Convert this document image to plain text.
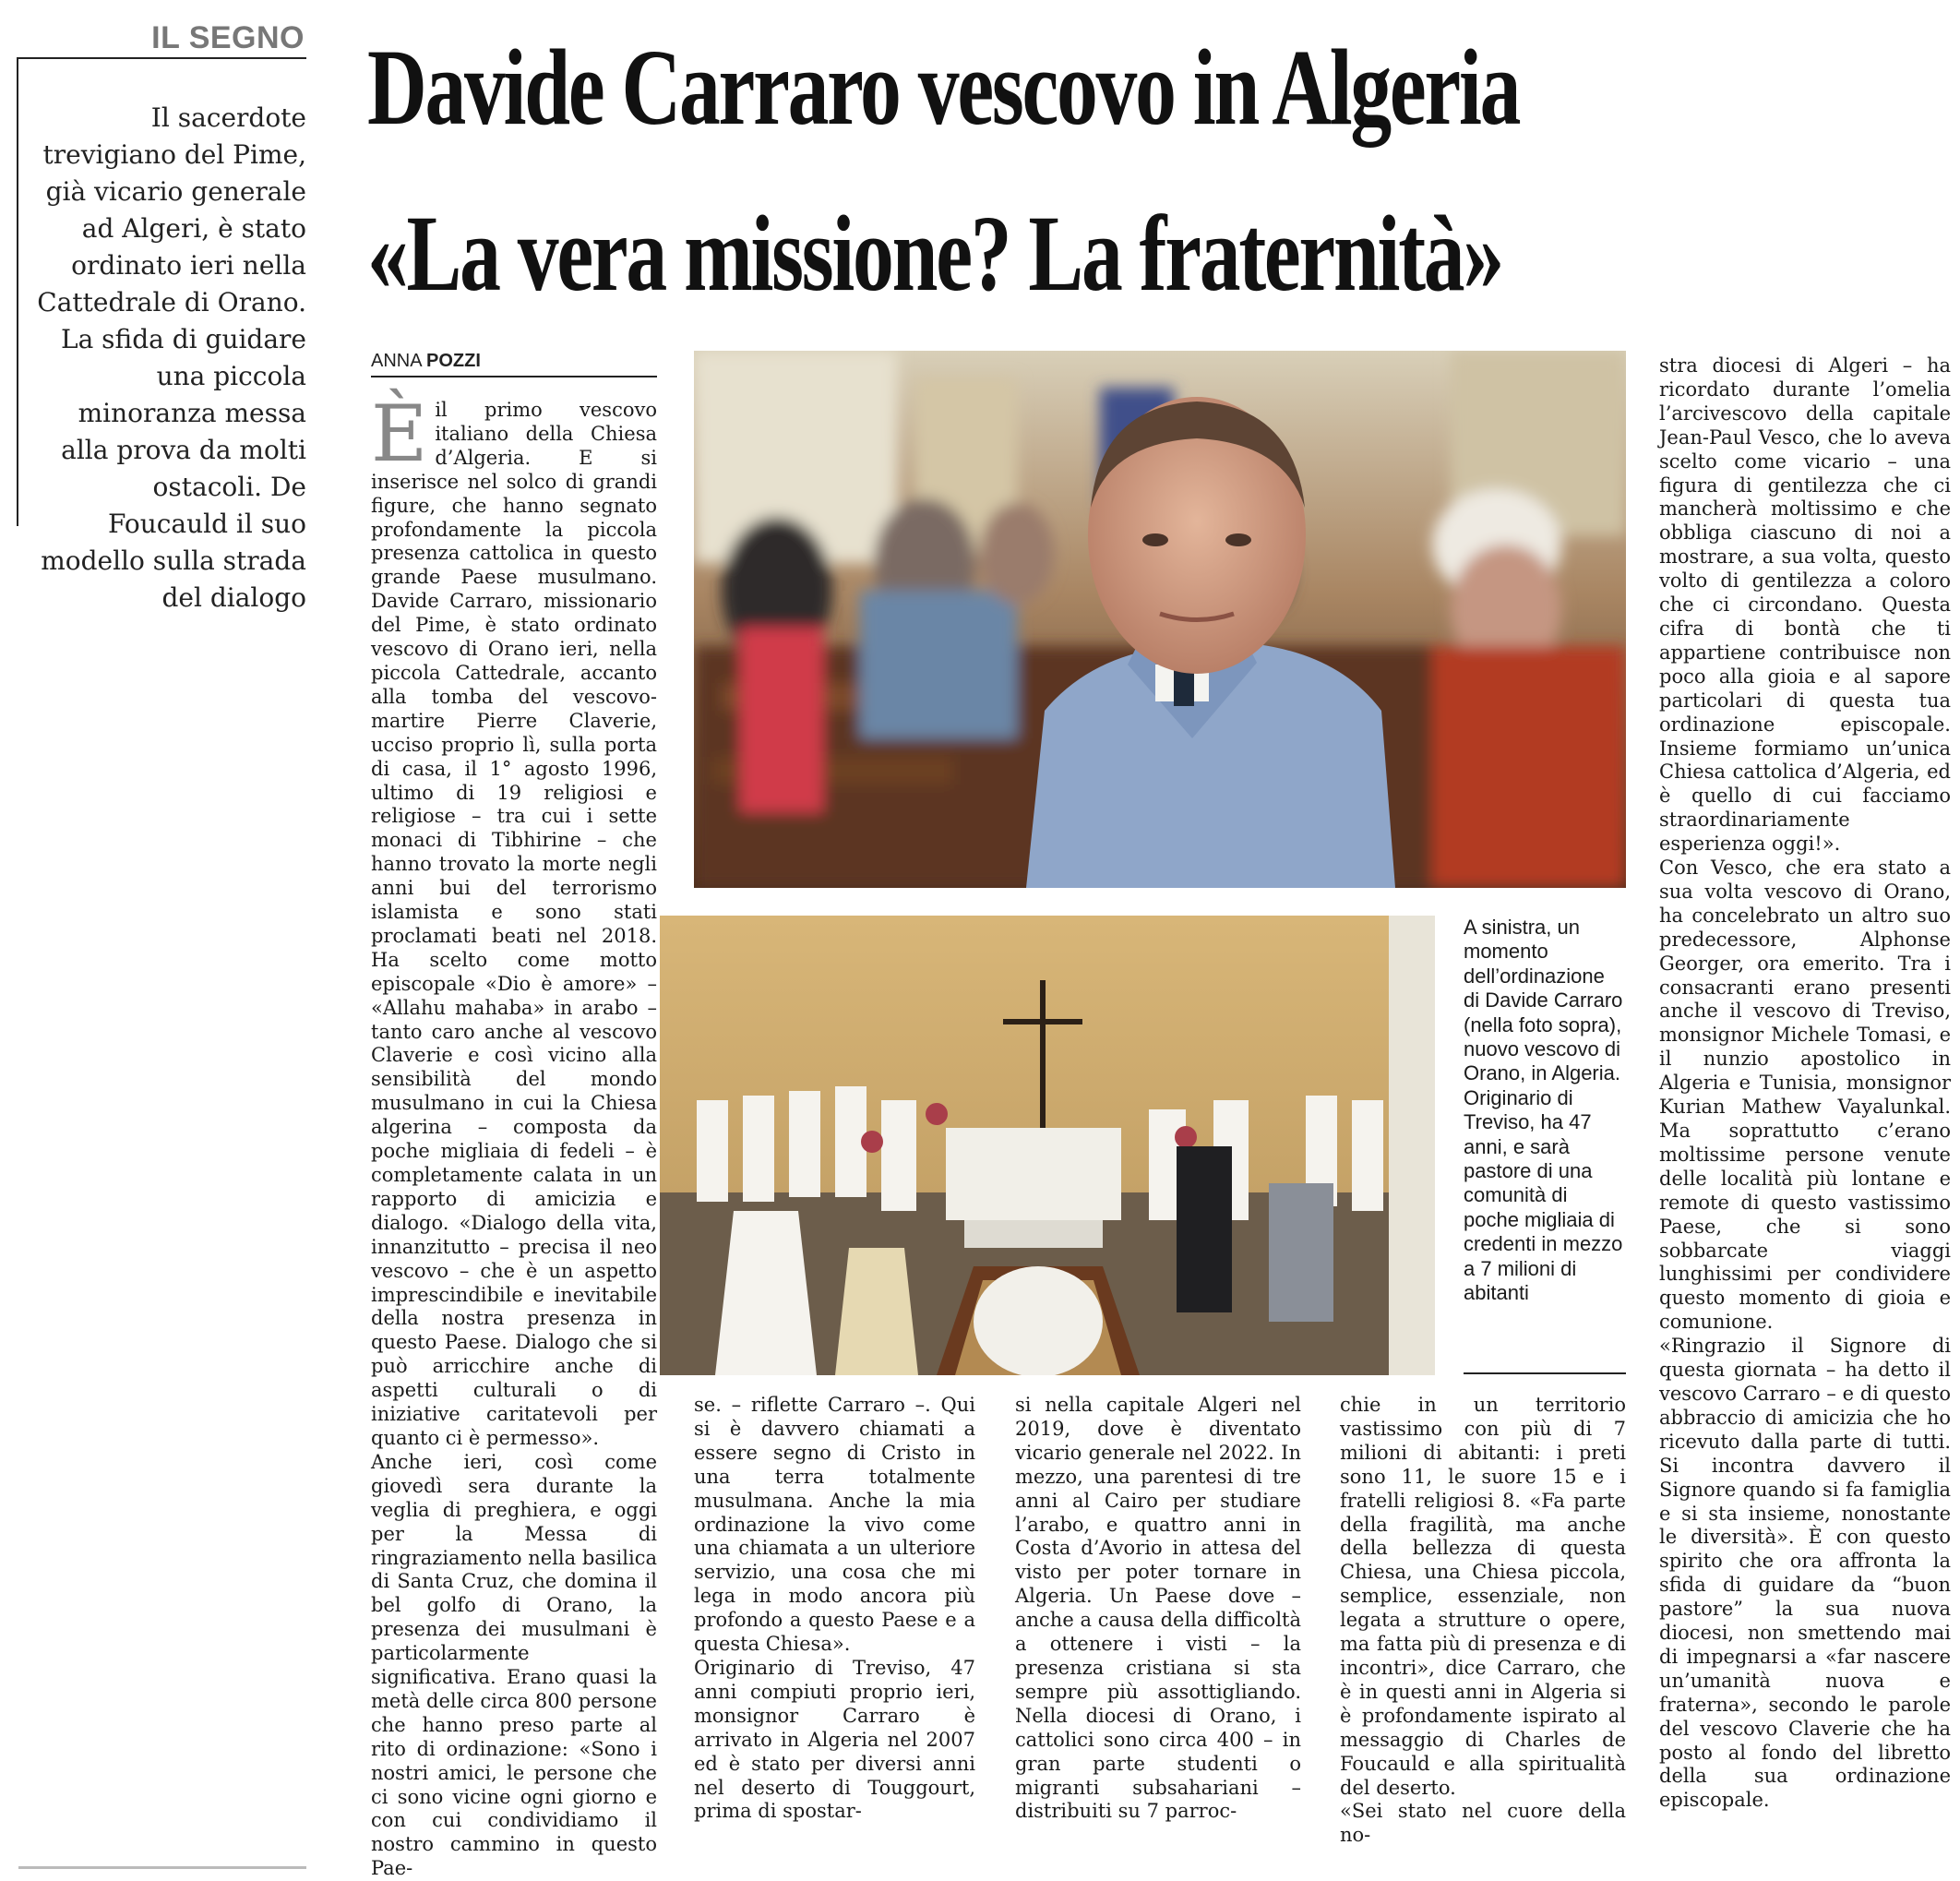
IL SEGNO
Il sacerdote trevigiano del Pime, già vicario generale ad Algeri, è stato ordinato ieri nella Cattedrale di Orano. La sfida di guidare una piccola minoranza messa alla prova da molti ostacoli. De Foucauld il suo modello sulla strada del dialogo
Davide Carraro vescovo in Algeria
«La vera missione? La fraternità»
ANNA POZZI
È il primo vescovo italiano della Chiesa d’Algeria. E si inserisce nel solco di grandi figure, che hanno segnato profondamente la piccola presenza cattolica in questo grande Paese musulmano. Davide Carraro, missionario del Pime, è stato ordinato vescovo di Orano ieri, nella piccola Cattedrale, accanto alla tomba del vescovo-martire Pierre Claverie, ucciso proprio lì, sulla porta di casa, il 1° agosto 1996, ultimo di 19 religiosi e religiose – tra cui i sette monaci di Tibhirine – che hanno trovato la morte negli anni bui del terrorismo islamista e sono stati proclamati beati nel 2018. Ha scelto come motto episcopale «Dio è amore» – «Allahu mahaba» in arabo – tanto caro anche al vescovo Claverie e così vicino alla sensibilità del mondo musulmano in cui la Chiesa algerina – composta da poche migliaia di fedeli – è completamente calata in un rapporto di amicizia e dialogo. «Dialogo della vita, innanzitutto – precisa il neo vescovo – che è un aspetto imprescindibile e inevitabile della nostra presenza in questo Paese. Dialogo che si può arricchire anche di aspetti culturali o di iniziative caritatevoli per quanto ci è permesso».

Anche ieri, così come giovedì sera durante la veglia di preghiera, e oggi per la Messa di ringraziamento nella basilica di Santa Cruz, che domina il bel golfo di Orano, la presenza dei musulmani è particolarmente significativa. Erano quasi la metà delle circa 800 persone che hanno preso parte al rito di ordinazione: «Sono i nostri amici, le persone che ci sono vicine ogni giorno e con cui condividiamo il nostro cammino in questo Pae-

se. – riflette Carraro –. Qui si è davvero chiamati a essere segno di Cristo in una terra totalmente musulmana. Anche la mia ordinazione la vivo come una chiamata a un ulteriore servizio, una cosa che mi lega in modo ancora più profondo a questo Paese e a questa Chiesa».

Originario di Treviso, 47 anni compiuti proprio ieri, monsignor Carraro è arrivato in Algeria nel 2007 ed è stato per diversi anni nel deserto di Touggourt, prima di spostar-

si nella capitale Algeri nel 2019, dove è diventato vicario generale nel 2022. In mezzo, una parentesi di tre anni al Cairo per studiare l’arabo, e quattro anni in Costa d’Avorio in attesa del visto per poter tornare in Algeria. Un Paese dove – anche a causa della difficoltà a ottenere i visti – la presenza cristiana si sta sempre più assottigliando. Nella diocesi di Orano, i cattolici sono circa 400 – in gran parte studenti o migranti subsahariani – distribuiti su 7 parroc-

chie in un territorio vastissimo con più di 7 milioni di abitanti: i preti sono 11, le suore 15 e i fratelli religiosi 8. «Fa parte della fragilità, ma anche della bellezza di questa Chiesa, una Chiesa piccola, semplice, essenziale, non legata a strutture o opere, ma fatta più di presenza e di incontri», dice Carraro, che è in questi anni in Algeria si è profondamente ispirato al messaggio di Charles de Foucauld e alla spiritualità del deserto.

«Sei stato nel cuore della no-

stra diocesi di Algeri – ha ricordato durante l’omelia l’arcivescovo della capitale Jean-Paul Vesco, che lo aveva scelto come vicario – una figura di gentilezza che ci mancherà moltissimo e che obbliga ciascuno di noi a mostrare, a sua volta, questo volto di gentilezza a coloro che ci circondano. Questa cifra di bontà che ti appartiene contribuisce non poco alla gioia e al sapore particolari di questa tua ordinazione episcopale. Insieme formiamo un’unica Chiesa cattolica d’Algeria, ed è quello di cui facciamo straordinariamente esperienza oggi!».

Con Vesco, che era stato a sua volta vescovo di Orano, ha concelebrato un altro suo predecessore, Alphonse Georger, ora emerito. Tra i consacranti erano presenti anche il vescovo di Treviso, monsignor Michele Tomasi, e il nunzio apostolico in Algeria e Tunisia, monsignor Kurian Mathew Vayalunkal. Ma soprattutto c’erano moltissime persone venute delle località più lontane e remote di questo vastissimo Paese, che si sono sobbarcate viaggi lunghissimi per condividere questo momento di gioia e comunione.

«Ringrazio il Signore di questa giornata – ha detto il vescovo Carraro – e di questo abbraccio di amicizia che ho ricevuto dalla parte di tutti. Si incontra davvero il Signore quando si fa famiglia e si sta insieme, nonostante le diversità». È con questo spirito che ora affronta la sfida di guidare da “buon pastore” la sua nuova diocesi, non smettendo mai di impegnarsi a «far nascere un’umanità nuova e fraterna», secondo le parole del vescovo Claverie che ha posto al fondo del libretto della sua ordinazione episcopale.

A sinistra, un momento dell’ordinazione di Davide Carraro (nella foto sopra), nuovo vescovo di Orano, in Algeria. Originario di Treviso, ha 47 anni, e sarà pastore di una comunità di poche migliaia di credenti in mezzo a 7 milioni di abitanti
